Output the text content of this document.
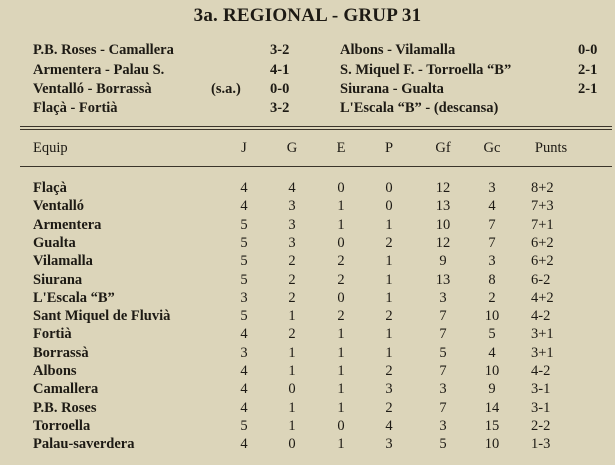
3a. REGIONAL - GRUP 31
P.B. Roses - Camallera	3-2
Armentera - Palau S.	4-1
Ventalló - Borrassà	(s.a.) 0-0
Flaçà - Fortià	3-2
Albons - Vilamalla	0-0
S. Miquel F. - Torroella “B”	2-1
Siurana - Gualta	2-1
L'Escala “B” - (descansa)
Equip	J	G	E	P	Gf Gc Punts
Flaçà	4	4	0	0	12	3 8+2
Ventalló	4	3	1	0	13	4 7+3
Armentera	5	3	1	1	10	7 7+1
Gualta	5	3	0	2	12	7 6+2
Vilamalla	5	2	2	1	9	3 6+2
Siurana	5	2	2	1	13	8 6-2
L'Escala “B”	3	2	0	1	3	2 4+2
Sant Miquel de Fluvià	5	1	2	2	7	10 4-2
Fortià	4	2	1	1	7	5 3+1
Borrassà	3	1	1	1	5	4 3+1
Albons	4	1	1	2	7	10 4-2
Camallera	4	0	1	3	3	9 3-1
P.B. Roses	4	1	1	2	7	14 3-1
Torroella	5	1	0	4	3	15 2-2
Palau-saverdera	4	0	1	3	5	10 1-3
